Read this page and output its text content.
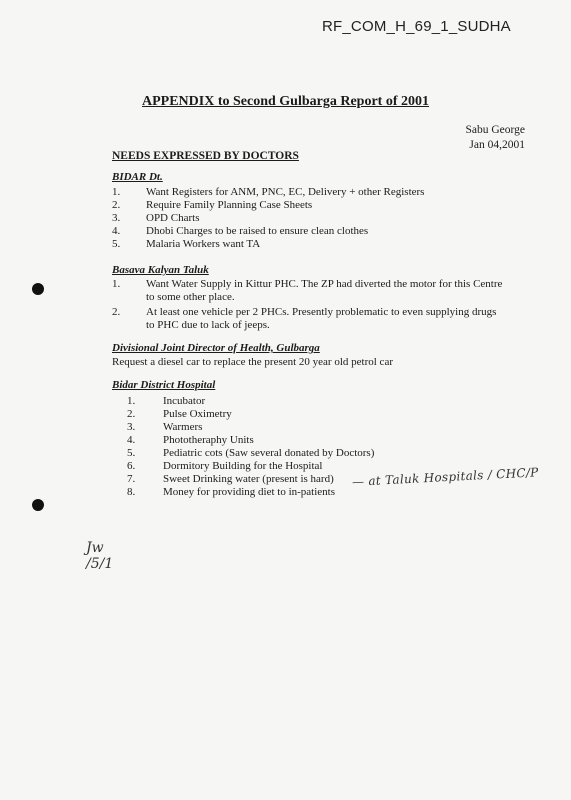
RF_COM_H_69_1_SUDHA
APPENDIX to Second Gulbarga Report of 2001
Sabu George
Jan 04,2001
NEEDS EXPRESSED BY DOCTORS
BIDAR Dt.
1.	Want Registers for ANM, PNC, EC, Delivery + other Registers
2.	Require Family Planning Case Sheets
3.	OPD Charts
4.	Dhobi Charges to be raised to ensure clean clothes
5.	Malaria Workers want TA
Basava Kalyan Taluk
1.	Want Water Supply in Kittur PHC. The ZP had diverted the motor for this Centre
to some other place.
2.	At least one vehicle per 2 PHCs. Presently problematic to even supplying drugs
to PHC due to lack of jeeps.
Divisional Joint Director of Health, Gulbarga
Request a diesel car to replace the present 20 year old petrol car
Bidar District Hospital
1.	Incubator
2.	Pulse Oximetry
3.	Warmers
4.	Phototheraphy Units
5.	Pediatric cots (Saw several donated by Doctors)
6.	Dormitory Building for the Hospital
7.	Sweet Drinking water (present is hard)
8.	Money for providing diet to in-patients
— at Taluk Hospitals / CHC/P
Jw
/5/1
